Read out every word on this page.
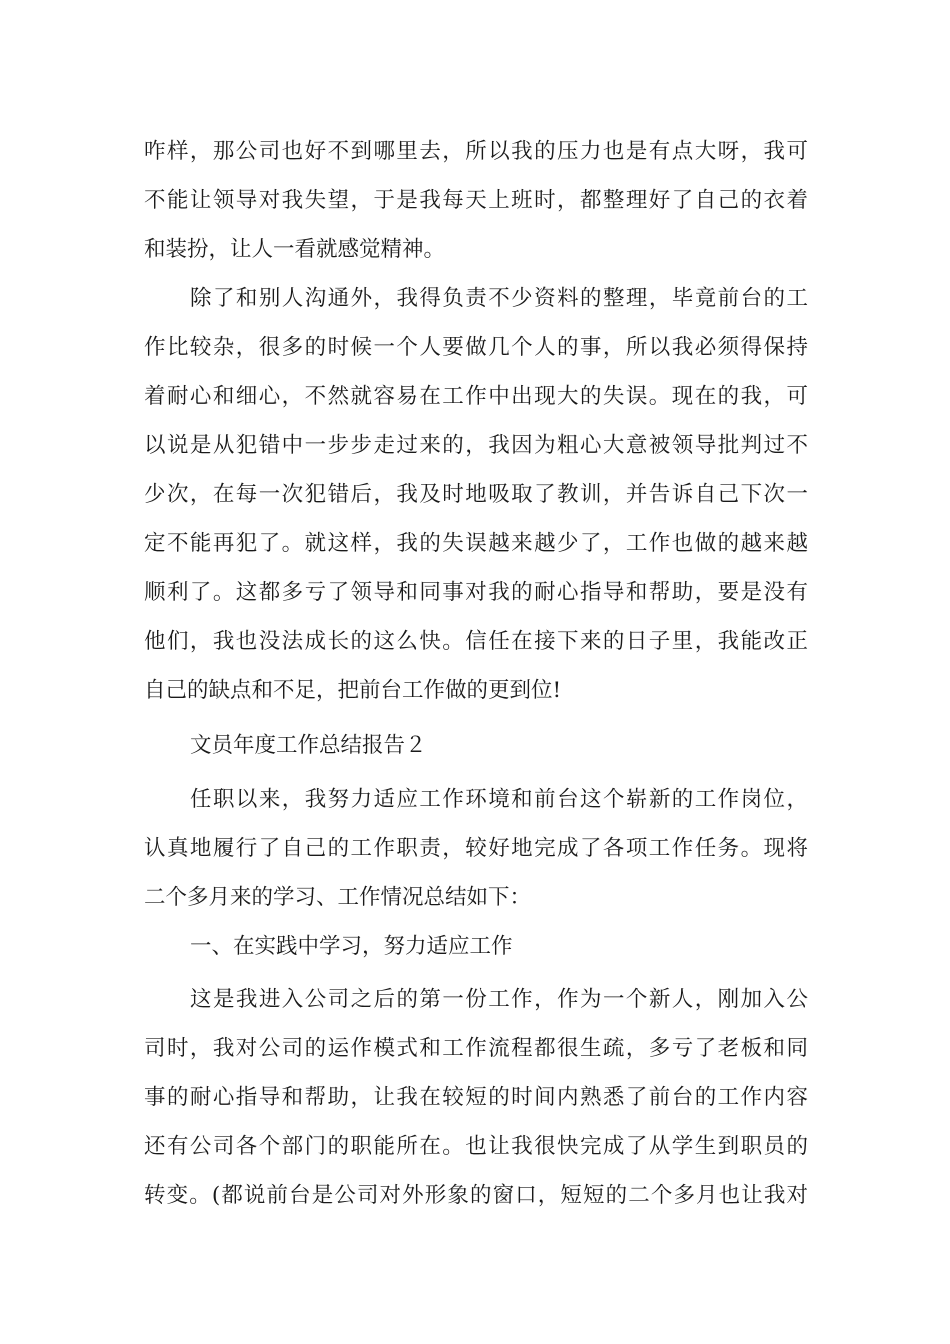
咋样，那公司也好不到哪里去，所以我的压力也是有点大呀，我可
不能让领导对我失望，于是我每天上班时，都整理好了自己的衣着
和装扮，让人一看就感觉精神。
除了和别人沟通外，我得负责不少资料的整理，毕竟前台的工
作比较杂，很多的时候一个人要做几个人的事，所以我必须得保持
着耐心和细心，不然就容易在工作中出现大的失误。现在的我，可
以说是从犯错中一步步走过来的，我因为粗心大意被领导批判过不
少次，在每一次犯错后，我及时地吸取了教训，并告诉自己下次一
定不能再犯了。就这样，我的失误越来越少了，工作也做的越来越
顺利了。这都多亏了领导和同事对我的耐心指导和帮助，要是没有
他们，我也没法成长的这么快。信任在接下来的日子里，我能改正
自己的缺点和不足，把前台工作做的更到位!
文员年度工作总结报告２
任职以来，我努力适应工作环境和前台这个崭新的工作岗位，
认真地履行了自己的工作职责，较好地完成了各项工作任务。现将
二个多月来的学习、工作情况总结如下：
一、在实践中学习，努力适应工作
这是我进入公司之后的第一份工作，作为一个新人，刚加入公
司时，我对公司的运作模式和工作流程都很生疏，多亏了老板和同
事的耐心指导和帮助，让我在较短的时间内熟悉了前台的工作内容
还有公司各个部门的职能所在。也让我很快完成了从学生到职员的
转变。(都说前台是公司对外形象的窗口，短短的二个多月也让我对
